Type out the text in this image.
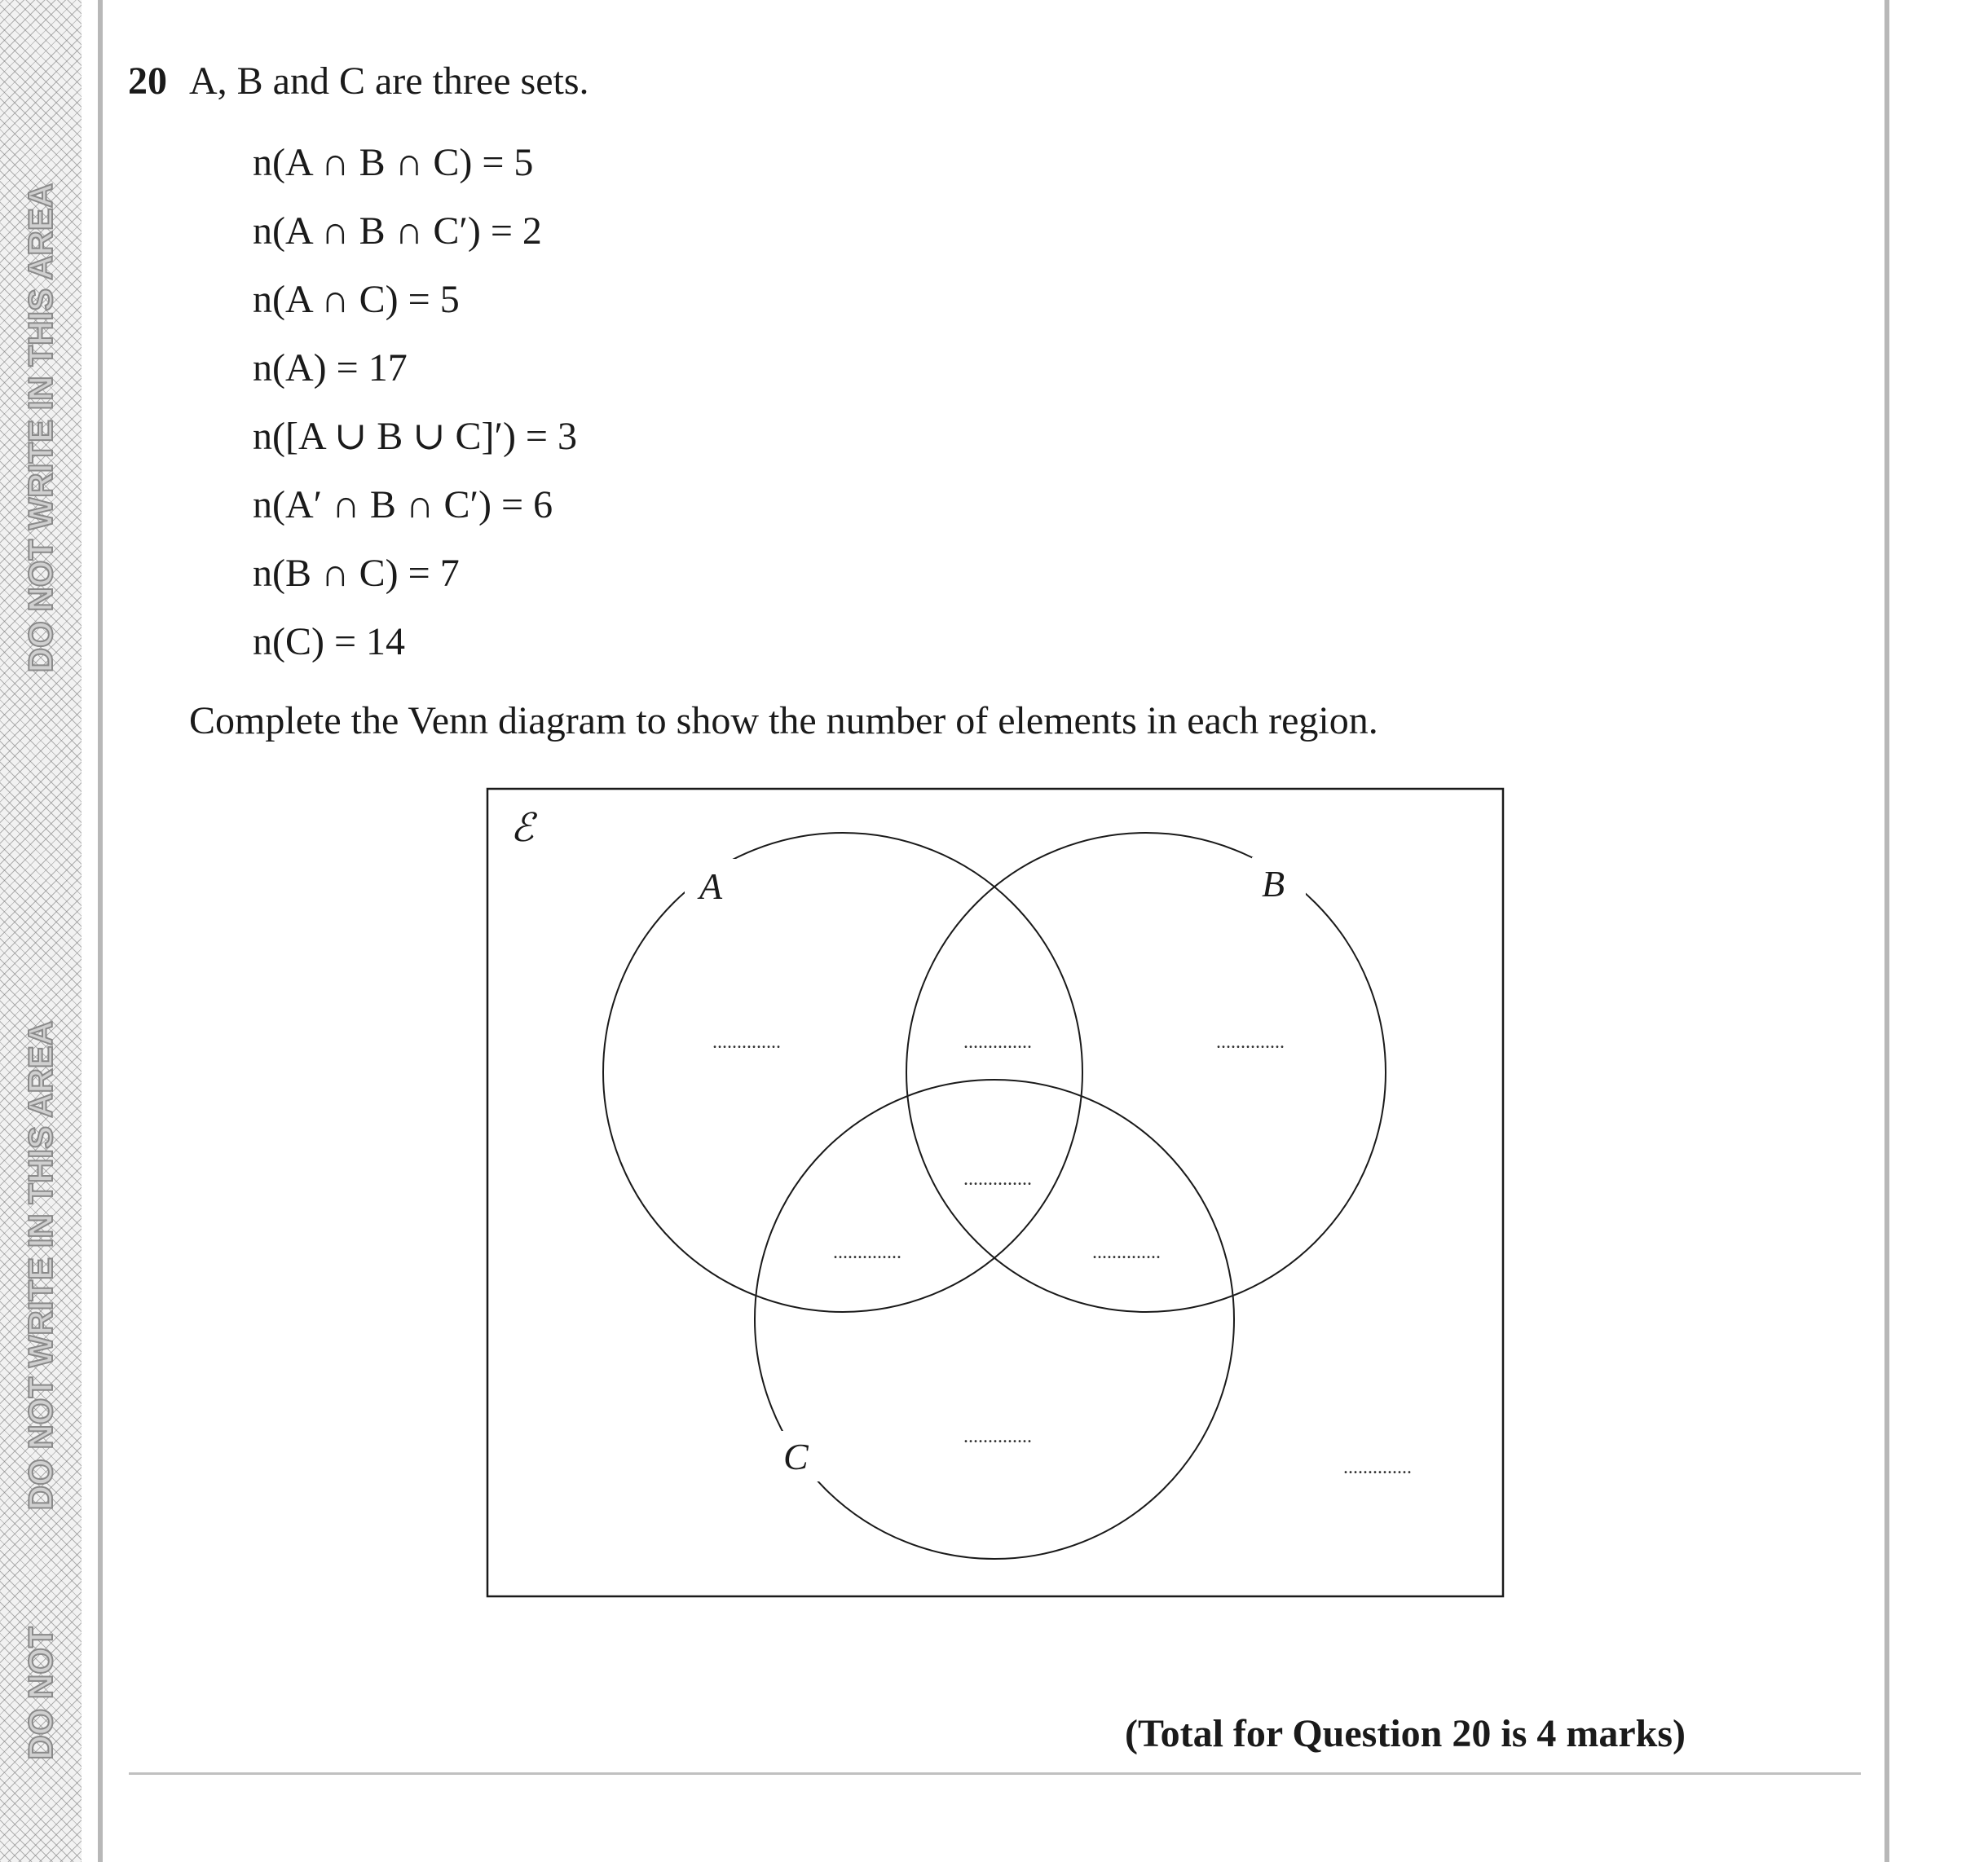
DO NOT WRITE IN THIS AREA
DO NOT WRITE IN THIS AREA
DO NOT
20 A, B and C are three sets.
n(A ∩ B ∩ C) = 5
n(A ∩ B ∩ C′) = 2
n(A ∩ C) = 5
n(A) = 17
n([A ∪ B ∪ C]′) = 3
n(A′ ∩ B ∩ C′) = 6
n(B ∩ C) = 7
n(C) = 14
Complete the Venn diagram to show the number of elements in each region.
ℰ
A	B
C
..............	..............	..............
..............
..............	..............
..............
..............
(Total for Question 20 is 4 marks)
